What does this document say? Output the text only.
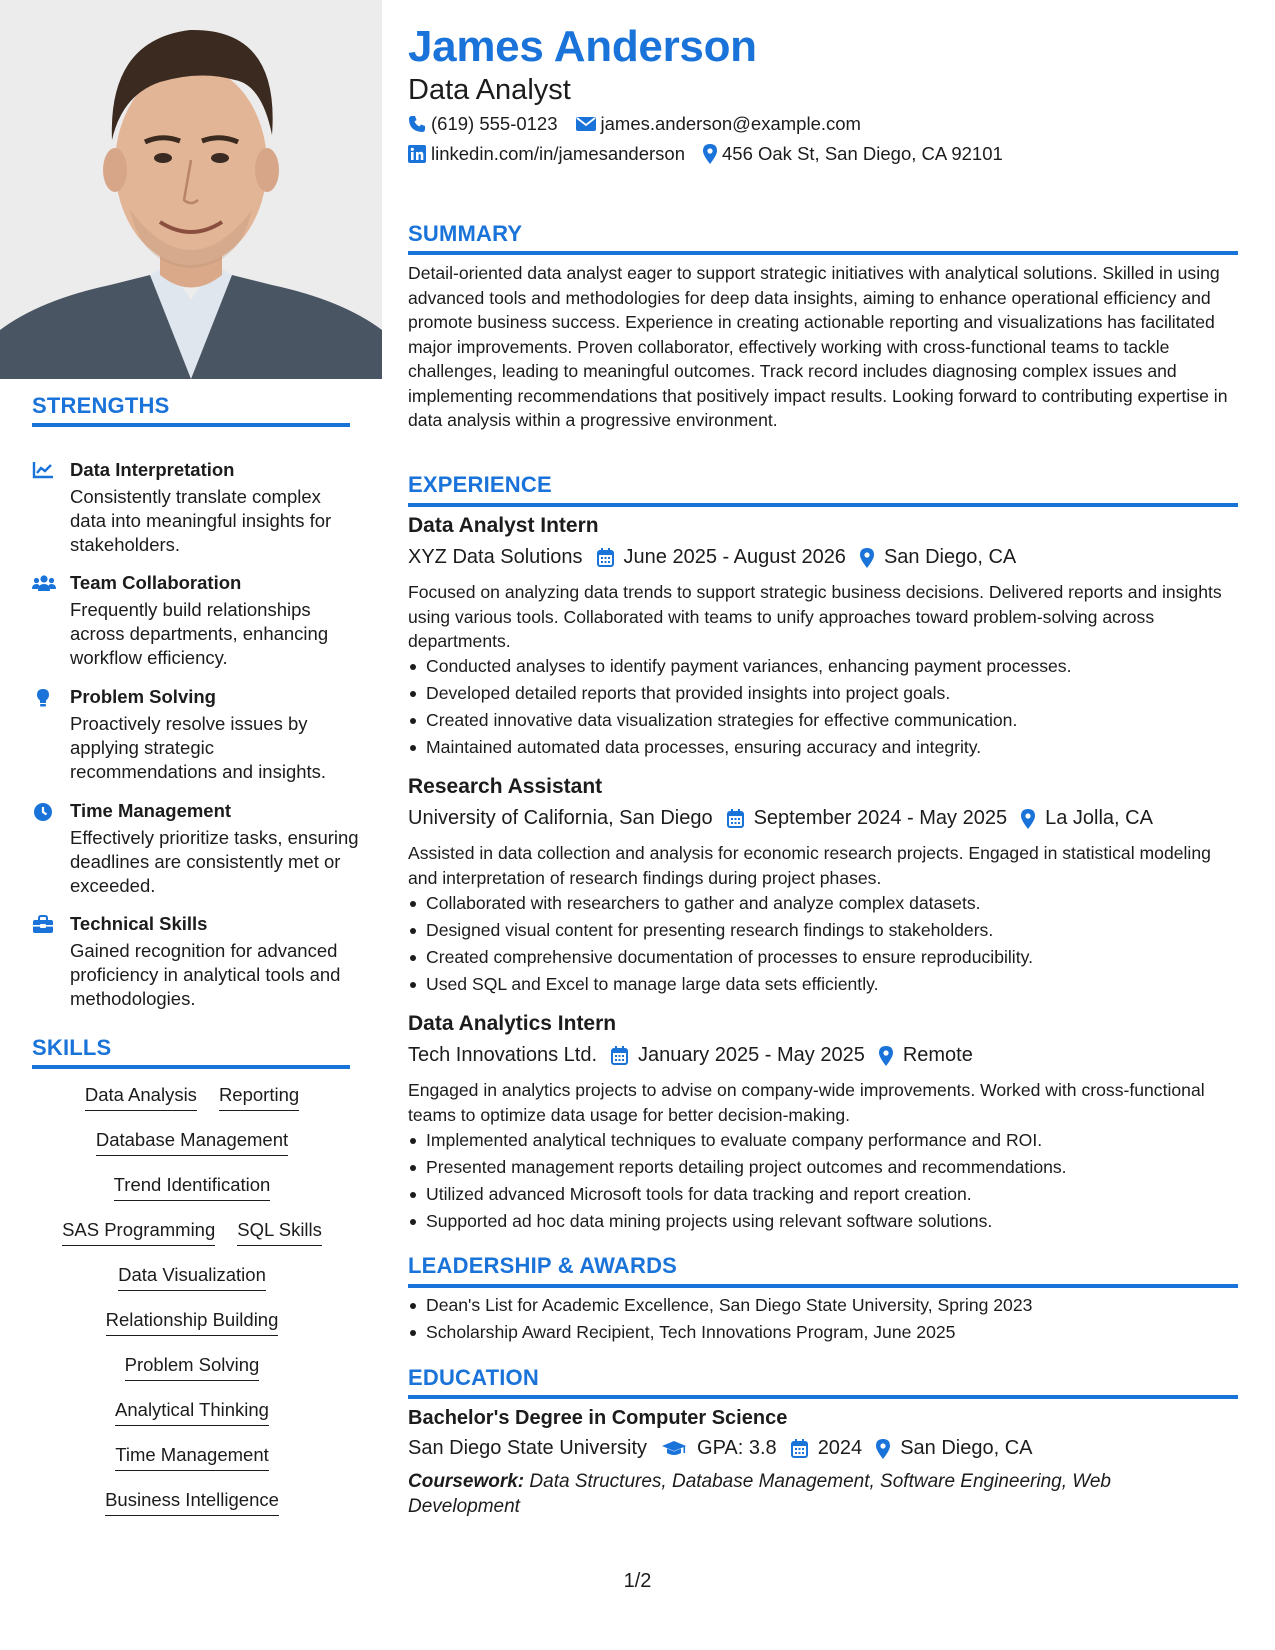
STRENGTHS
Data Interpretation
Consistently translate complex data into meaningful insights for stakeholders.
Team Collaboration
Frequently build relationships across departments, enhancing workflow efficiency.
Problem Solving
Proactively resolve issues by applying strategic recommendations and insights.
Time Management
Effectively prioritize tasks, ensuring deadlines are consistently met or exceeded.
Technical Skills
Gained recognition for advanced proficiency in analytical tools and methodologies.
SKILLS
Data Analysis Reporting
Database Management
Trend Identification
SAS Programming SQL Skills
Data Visualization
Relationship Building
Problem Solving
Analytical Thinking
Time Management
Business Intelligence
James Anderson
Data Analyst
(619) 555-0123 james.anderson@example.com
linkedin.com/in/jamesanderson 456 Oak St, San Diego, CA 92101
SUMMARY
Detail-oriented data analyst eager to support strategic initiatives with analytical solutions. Skilled in using advanced tools and methodologies for deep data insights, aiming to enhance operational efficiency and promote business success. Experience in creating actionable reporting and visualizations has facilitated major improvements. Proven collaborator, effectively working with cross-functional teams to tackle challenges, leading to meaningful outcomes. Track record includes diagnosing complex issues and implementing recommendations that positively impact results. Looking forward to contributing expertise in data analysis within a progressive environment.
EXPERIENCE
Data Analyst Intern
XYZ Data Solutions June 2025 - August 2026 San Diego, CA
Focused on analyzing data trends to support strategic business decisions. Delivered reports and insights using various tools. Collaborated with teams to unify approaches toward problem-solving across departments.
Conducted analyses to identify payment variances, enhancing payment processes.
Developed detailed reports that provided insights into project goals.
Created innovative data visualization strategies for effective communication.
Maintained automated data processes, ensuring accuracy and integrity.
Research Assistant
University of California, San Diego September 2024 - May 2025 La Jolla, CA
Assisted in data collection and analysis for economic research projects. Engaged in statistical modeling and interpretation of research findings during project phases.
Collaborated with researchers to gather and analyze complex datasets.
Designed visual content for presenting research findings to stakeholders.
Created comprehensive documentation of processes to ensure reproducibility.
Used SQL and Excel to manage large data sets efficiently.
Data Analytics Intern
Tech Innovations Ltd. January 2025 - May 2025 Remote
Engaged in analytics projects to advise on company-wide improvements. Worked with cross-functional teams to optimize data usage for better decision-making.
Implemented analytical techniques to evaluate company performance and ROI.
Presented management reports detailing project outcomes and recommendations.
Utilized advanced Microsoft tools for data tracking and report creation.
Supported ad hoc data mining projects using relevant software solutions.
LEADERSHIP & AWARDS
Dean's List for Academic Excellence, San Diego State University, Spring 2023
Scholarship Award Recipient, Tech Innovations Program, June 2025
EDUCATION
Bachelor's Degree in Computer Science
San Diego State University	GPA: 3.8 2024 San Diego, CA
Coursework: Data Structures, Database Management, Software Engineering, Web Development
1/2
